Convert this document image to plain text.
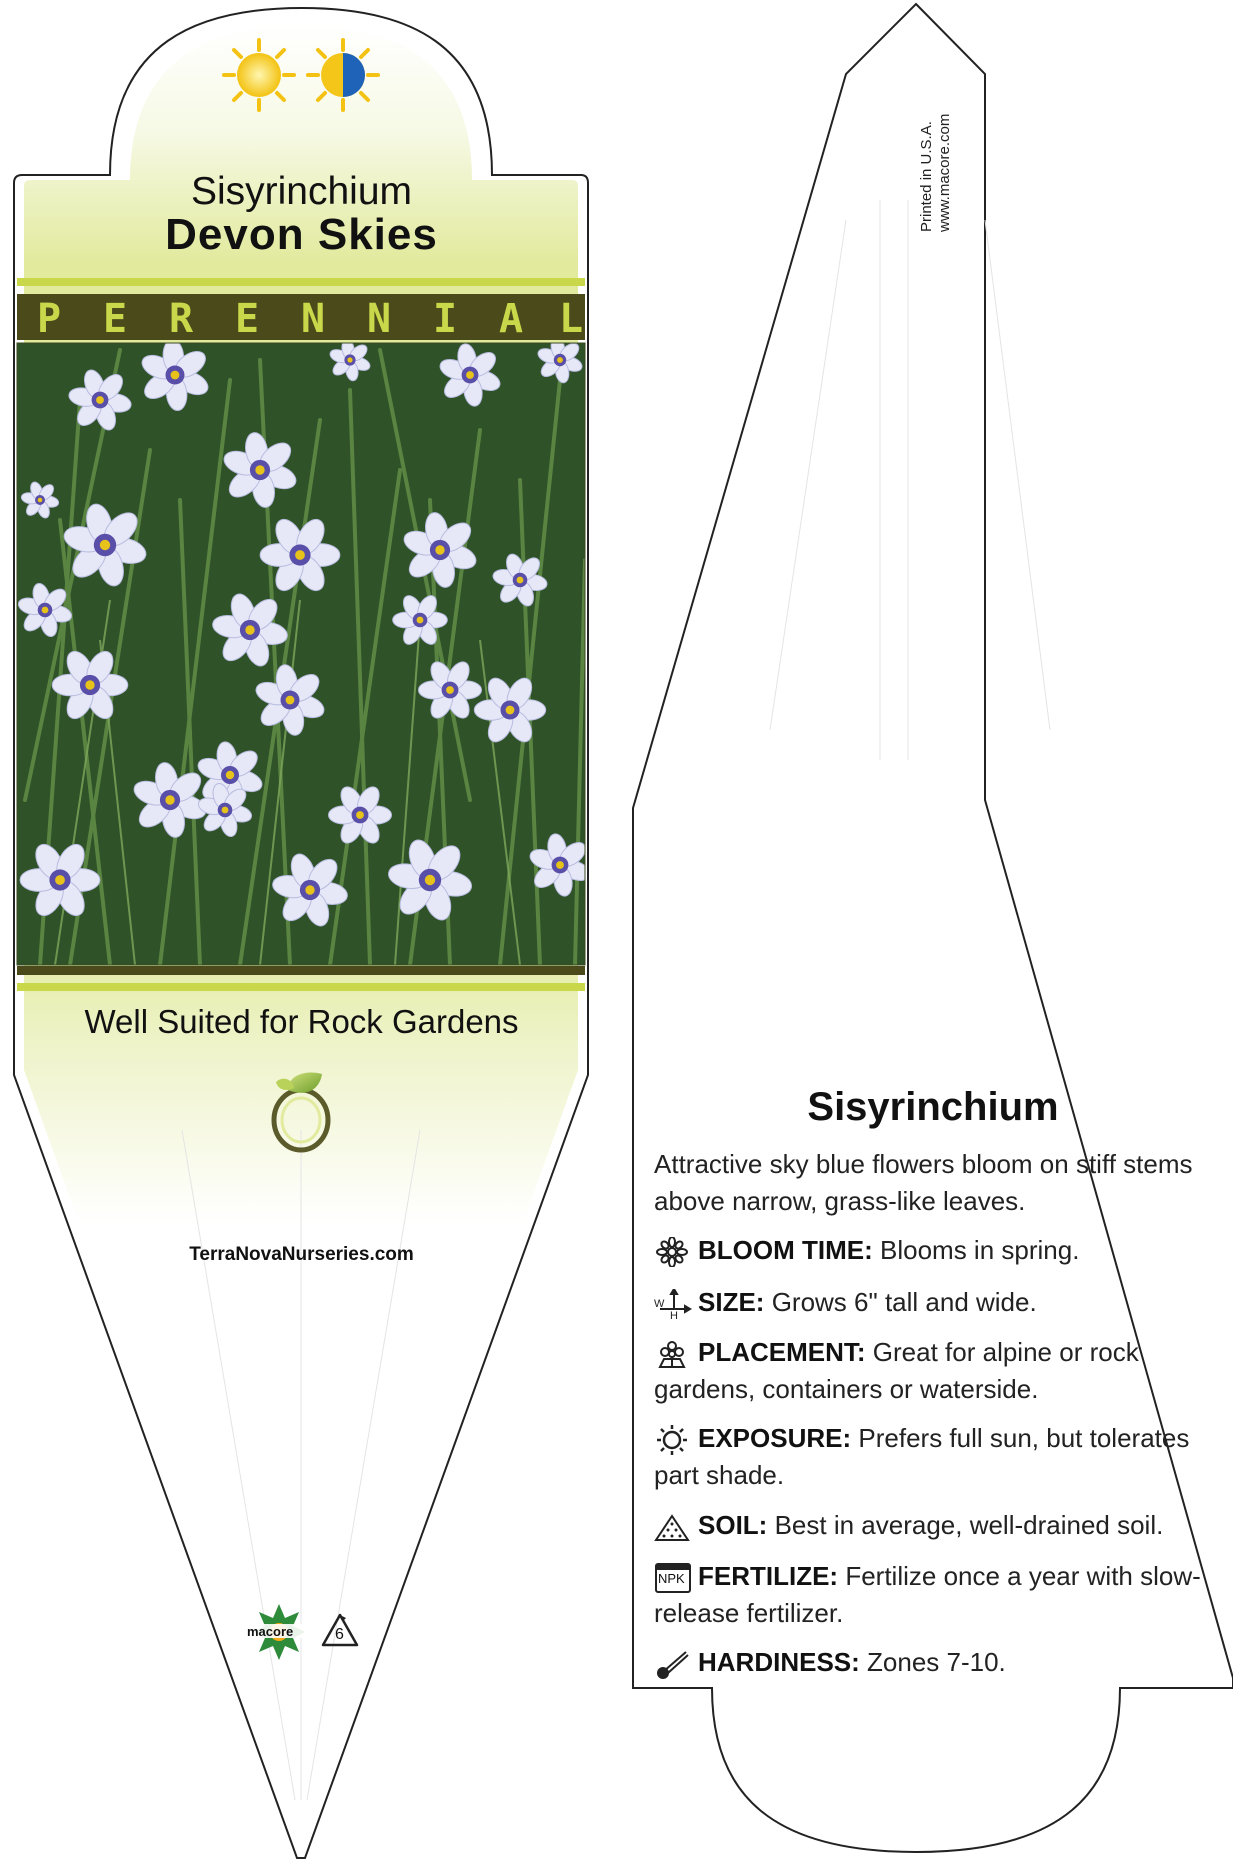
Sisyrinchium
Devon Skies
P E R E N N I A L
Well Suited for Rock Gardens
TerraNovaNurseries.com
macore	6
Printed in U.S.A. www.macore.com
Sisyrinchium
Attractive sky blue flowers bloom on stiff stems above narrow, grass-like leaves.
BLOOM TIME: Blooms in spring.
W
H SIZE: Grows 6" tall and wide.
PLACEMENT: Great for alpine or rock gardens, containers or waterside.
EXPOSURE: Prefers full sun, but tolerates part shade.
SOIL: Best in average, well-drained soil.
NPK FERTILIZE: Fertilize once a year with slow-release fertilizer.
HARDINESS: Zones 7-10.
